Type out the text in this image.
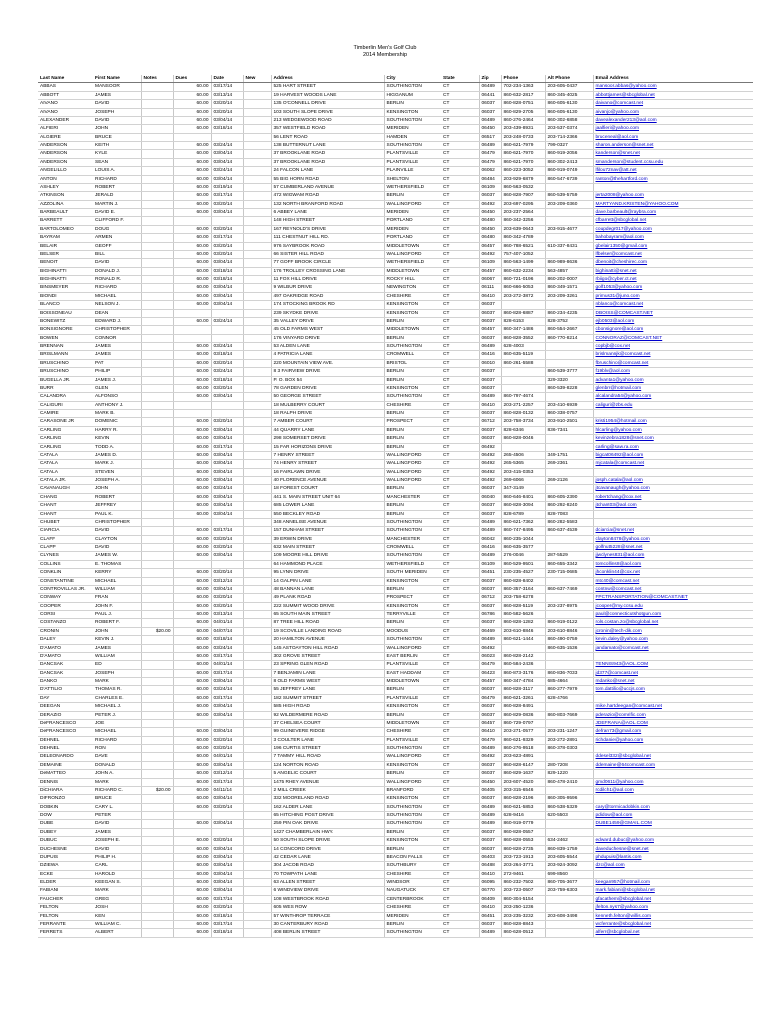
Timberlin Men's Golf Club
2014 Membership
Last Name	First Name	Notes	Dues	Date	New	Address	City	State	Zip	Phone	Alt Phone	Email Address
ABBAS	MANSOOR		60.00	03/17/14		525 HART STREET	SOUTHINGTON	CT	06489	702-234-1363	203-605-0437	mansoor.abbas@yahoo.com
ABBOTT	JAMES		60.00	03/13/14		19 HARVEST WOODS LANE	HIGGANUM	CT	06441	860-632-2817	860-345-4025	abbottjames@sbcglobal.net
AIVANO	DAVID		60.00	03/20/14		135 O'CONNELL DRIVE	BERLIN	CT	06037	860-828-0751	860-605-6130	daivano@comcast.net
AIVANO	JOSEPH		60.00	03/20/14		103 SOUTH SLOPE DRIVE	KENSINGTON	CT	06037	860-829-2705	860-605-6130	aivanjo@yahoo.com
ALEXANDER	DAVID		60.00	03/04/14		213 WEDGEWOOD ROAD	SOUTHINGTON	CT	06489	860-276-2464	860-302-6858	davealexander213@aol.com
ALFIERI	JOHN		60.00	03/18/14		357 WESTFIELD ROAD	MERIDEN	CT	06450	203-439-8931	203-537-0374	jaalfieri@yahoo.com
ALGIERE	BRUCE					56 LENT ROAD	HAMDEN	CT	06517	203-248-0733	203-714-2366	bruceneal@aol.com
ANDERSON	KEITH		60.00	03/24/14		138 BUTTERNUT LANE	SOUTHINGTON	CT	06489	860-621-7979	799-0327	sharon.anderson@snet.net
ANDERSON	KYLE		60.00	03/04/14		37 BROOKLANE ROAD	PLANTSVILLE	CT	06479	860-621-7970	860-919-2056	kanderson@snet.net
ANDERSON	SEAN		60.00	03/04/14		37 BROOKLANE ROAD	PLANTSVILLE	CT	06479	860-621-7970	860-302-2413	smanderson@student.ccsu.edu
ANGELILLO	LOUIS A.		60.00	03/24/14		24 FALCON LANE	PLAINVILLE	CT	06062	860-223-3052	860-919-0749	lfilou72nav@att.net
ANTON	RICHARD		60.00	03/04/14		55 BIG HORN ROAD	SHELTON	CT	06484	203-929-6879	860-547-6739	ranton@thehartford.com
ASHLEY	ROBERT		60.00	03/19/14		57 CUMBERLAND AVENUE	WETHERSFIELD	CT	06109	860-563-0532		
ATKINSON	JERALD		60.00	03/17/14		472 WIGWAM ROAD	BERLIN	CT	06037	860-828-7907	860-539-5759	jerta2008@yahoo.com
AZZOLINA	MARTIN J.		60.00	03/20/14		132 NORTH BRANFORD ROAD	WALLINGFORD	CT	06492	203-697-0295	203-209-0360	MARTYAND.KRISTEN@YAHOO.COM
BARBEAULT	DAVID E.		60.00	03/04/14		6 ABBEY LANE	MERIDEN	CT	06450	203-237-2564		dave.barbeault@raybra.com
BARRETT	CLIFFORD F.					148 HIGH STREET	PORTLAND	CT	06480	860-342-3256		cfbarrett@sbcglobal.net
BARTOLOMEO	DOUG		60.00	03/20/14		167 REYNOLD'S DRIVE	MERIDEN	CT	06450	203-639-0643	203-915-4677	coupdegr017@yahoo.com
BAYRAM	ARMEN		60.00	03/17/14		111 CHESTNUT HILL RD.	PORTLAND	CT	06480	860-342-4789		bahobayram@aol.com
BELAIR	GEOFF		60.00	03/20/14		976 SAYBROOK ROAD	MIDDLETOWN	CT	06457	860-788-6521	610-337-8431	gbelair1350@gmail.com
BELSER	BILL		60.00	03/20/14		66 SISTER HILL ROAD	WALLINGFORD	CT	06492	757-407-1052		lfbelser@comcast.net
BENOIT	DAVID		60.00	03/04/14		77 GOFF BROOK CIRCLE	WETHERSFIELD	CT	06109	860-563-1499	860-989-8636	dbenoit@cheshirec.com
BIGHINATTI	DONALD J.		60.00	03/18/14		176 TROLLEY CROSSING LANE	MIDDLETOWN	CT	06457	860-632-2234	563-4857	bighinatti@snet.net
BIGHINATTI	RONALD R.		60.00	03/18/14		11 FOX HILL DRIVE	ROCKY HILL	CT	06067	860-721-0196	860-202-0007	rbiigo@cyber.ct.net
BINSMEYER	RICHARD		60.00	03/04/14		9 WILBUR DRIVE	NEWINGTON	CT	06111	860-666-5053	860-349-1571	golf1053@yahoo.com
BIONDI	MICHAEL		60.00	03/04/14		497 OAKRIDGE ROAD	CHESHIRE	CT	06410	203-272-3872	203-209-3261	primus31@juno.com
BLANCO	NELSON J.		60.00	03/04/14		174 STOCKING BROOK RD	KENSINGTON	CT	06037			nblanco@comcast.net
BOISSONEAU	DEAN					239 SKYDKE DRIVE	KENSINGTON	CT	06037	860-828-6887	860-234-4235	DBOISS@COMCAST.NET
BONEWITZ	EDWARD J.		60.00	03/24/14		35 VALLEY DRIVE	BERLIN	CT	06037	828-6153	828-3752	ejb0503@aol.com
BONSIGNORE	CHRISTOPHER					45 OLD FARMS WEST	MIDDLETOWN	CT	06457	860-347-1486	860-554-2667	cbonsignore@aol.com
BOWEN	CONNOR					176 VINYARD DRIVE	BERLIN	CT	06037	860-828-3552	860-770-8214	CONNORAZ@COMCAST.NET
BRENNAN	JAMES		60.00	03/24/14		53 ALDEN LANE	SOUTHINGTON	CT	06489	628-4003		copbjb@cox.net
BRISLMANN	JAMES		60.00	03/18/14		4 PATRICIA LANE	CROMWELL	CT	06416	860-635-5119		brislmannjk@comcast.net
BRUSCHINO	PAT		60.00	03/20/14		220 MOUNTAIN VIEW AVE.	BRISTOL	CT	06010	860-261-5588		fbruschino@comcast.net
BRUSCHINO	PHILIP		60.00	03/24/14		8 3 FAIRVIEW DRIVE	BERLIN	CT	06037		860-539-3777	f19blv@aol.com
BUGELLA JR.	JAMES J.		60.00	03/18/14		P. O. BOX 54	BERLIN	CT	06037		329-3320	advanta1@yahoo.com
BURR	GLEN		60.00	03/20/14		78 GARDEN DRIVE	KENSINGTON	CT	06037		860-539-8228	glenbrr@hotmail.com
CALANDRA	ALFONSO		60.00	03/04/14		50 GEORGE STREET	SOUTHINGTON	CT	06489	860-797-4674		alcalandra54@yahoo.com
CALIGURI	ANTHONY J.					18 MULBERRY COURT	CHESHIRE	CT	06410	203-271-2257	203-410-6939	caliguri@zbs.edu
CAMIRE	MARK B.					18 RALPH DRIVE	BERLIN	CT	06037	860-828-0132	860-338-0757	
CARASONE JR	DOMENIC		60.00	03/20/14		7 AMBER COURT	PROSPECT	CT	06712	203-758-3734	203-910-2501	kristi1954@hotmail.com
CARLING	HARRY R.		60.00	03/04/14		44 QUARRY LANE	BERLIN	CT	06037	828-6346	836-7341	hlcarling@yahoo.com
CARLING	KEVIN		60.00	03/04/14		298 SOMERSET DRIVE	BERLIN	CT	06037	860-828-0046		kevinzebra1828@snet.com
CARLING	TODD A.		60.00	03/17/14		15 FAR HORIZONS DRIVE	BERLIN	CT	06492			carling@saw.ra.com
CATALA	JAMES D.		60.00	03/04/14		7 HENRY STREET	WALLINGFORD	CT	06492	265-4506	349-1751	bigcat06492@aol.com
CATALA	MARK J.		60.00	03/04/14		74 HENRY STREET	WALLINGFORD	CT	06492	265-5365	269-2361	mjcatala@comcast.net
CATALA	STEVEN		60.00	03/04/14		16 FAIRLAWN DRIVE	WALLINGFORD	CT	06492	203-415-0353		
CATALA JR.	JOSEPH A.		60.00	03/04/14		40 FLORENCE AVENUE	WALLINGFORD	CT	06492	269-6066	269-2126	josph.catala@aol.com
CAVANAUGH	JOHN		60.00	03/24/14		18 FOREST COURT	BERLIN	CT	06037	347-3149		jtcavanaugh@yahoo.com
CHANG	ROBERT		60.00	03/04/14		441 S. MAIN STREET UNIT 64	MANCHESTER	CT	06040	860-646-8401	860-605-2390	robertchang@cox.net
CHANT	JEFFREY		60.00	03/04/14		685 LOWER LANE	BERLIN	CT	06037	860-828-3094	860-292-8240	jtchant03@aol.com
CHANT	PAUL K.		60.00	03/04/14		550 BECKLEY ROAD	BERLIN	CT	06037	828-6789	828-7083	
CHUBET	CHRISTOPHER					348 ANNELISE AVENUE	SOUTHINGTON	CT	06489	860-621-7362	860-282-5583	
CIARCIA	DAVID		60.00	03/17/14		157 DUNHAM STREET	SOUTHINGTON	CT	06489	860-747-8495	860-637-4539	dciarcia@snet.net
CLAFF	CLAYTON		60.00	03/20/14		39 ERWIN DRIVE	MANCHESTER	CT	06042	860-235-1044		clayton8478@yahoo.com
CLAPP	DAVID		60.00	03/20/14		632 MAIN STREET	CROMWELL	CT	06416	860-635-3577		golfnut5228@snet.net
CLYNES	JAMES W.		60.00	03/04/14		109 MOORE HILL DRIVE	SOUTHINGTON	CT	06489	276-0046	287-5529	jjwclynes831@aol.com
COLLINS	E. THOMAS					64 HAMMOND PLACE	WETHERSFIELD	CT	06109	860-529-9501	860-655-3342	tomcollins8@aol.com
CONKLIN	KERRY		60.00	03/20/14		95 LYNN DRIVE	SOUTH MERIDEN	CT	06451	230-235-4527	230-715-0685	jhconklin44@cox.net
CONSTANTINE	MICHAEL		60.00	03/12/14		14 GALPIN LANE	KENSINGTON	CT	06037	860-828-8402		mtc40@comcast.net
CONTROVILLAS JR.	WILLIAM		60.00	03/04/14		48 BANNAN LANE	BERLIN	CT	06037	860-357-3164	860-637-7469	contnw@comcast.net
CONWAY	FRAN		60.00	03/20/14		49 PLANK ROAD	PROSPECT	CT	06712	203-758-6278		FPCTRANSPORTATION@COMCAST.NET
COOPER	JOHN F.		60.00	03/20/14		222 SUMMIT WOOD DRIVE	KENSINGTON	CT	06037	860-828-5119	203-237-8975	jcooper@my.ccsu.edu
CORSI	PAUL J.		60.00	03/13/14		65 SOUTH MAIN STREET	TERRYVILLE	CT	06786	860-582-5626		paul@connecticutshotgun.com
COSTANZO	ROBERT F.		60.00	04/01/14		87 TREE HILL ROAD	BERLIN	CT	06037	860-828-1282	860-919-0122	rols.costan.zo@sbcglobal.net
CRONIN	JOHN	$20.00	60.00	04/07/14		19 SCOVILLE LANDING ROAD	MOODUS	CT	06469	203-610-8846	203-610-8846	jcronin@tech-dik.com
DALEY	KEVIN J.		60.00	03/18/14		20 HAMILTON AVENUE	SOUTHINGTON	CT	06489	860-621-1444	860-490-0759	kevin.daley@yahoo.com
D'AMATO	JAMES		60.00	03/24/14		145 ASTOAYTON HILL ROAD	WALLINGFORD	CT	06492		860-635-1536	jandamato@comcast.net
D'AMATO	WILLIAM		60.00	03/17/14		302 GROVE STREET	EAST BERLIN	CT	06023	860-828-2142		
DANCSAK	ED		60.00	04/01/14		23 SPRING GLEN ROAD	PLANTSVILLE	CT	06479	860-584-2436		TENNIS943@AOL.COM
DANCSAK	JOSEPH		60.00	03/17/14		7 BENJAMIN LANE	EAST HADDAM	CT	06423	860-873-3176	860-836-7033	jd377@comcast.net
DANKO	MARK		60.00	03/04/14		8 OLD FARMS WEST	MIDDLETOWN	CT	06457	860-347-4784	685-4664	mdanko@snet.net
D'ATTILIO	THOMAS R.		60.00	03/24/14		55 JEFFREY LANE	BERLIN	CT	06037	860-828-3117	860-277-7979	tom.dattilio@uccjs.com
DAY	CHARLES E.		60.00	03/17/14		182 SUMMIT STREET	PLANTSVILLE	CT	06479	860-621-3261	628-4766	
DEEGAN	MICHAEL J.		60.00	03/04/14		585 HIGH ROAD	KENSINGTON	CT	06037	860-828-8491		mike.hartdeegan@comcast.net
DERAZIO	PETER J.		60.00	03/04/14		92 WILDERMERE ROAD	BERLIN	CT	06037	860-829-0836	860-803-7669	pderazio@comrific.com
DeFRANCESCO	JOE					37 CHELSEA COURT	MIDDLETOWN	CT	06457	860-729-0797		JDEFRANA@AOL.COM
DeFRANCESCO	MICHAEL		60.00	03/04/14		99 GUINEVERE RIDGE	CHESHIRE	CT	06410	203-271-0577	203-231-1247	defran73@gmail.com
DEHNEL	RICHARD		60.00	03/20/14		3 COULTER LANE	PLANTSVILLE	CT	06479	860-621-9329	203-272-2891	richdanie@yahoo.com
DEHNEL	RON		60.00	03/20/14		196 CURTIS STREET	SOUTHINGTON	CT	06489	860-276-9518	860-378-0303	
DELEONARDO	DAVE		60.00	04/01/14		7 TAMMY HILL ROAD	WALLINGFORD	CT	06492	203-623-4891		ddesel332@sbcglobal.net
DEMAINE	DONALD		60.00	03/04/14		124 NORTON ROAD	KENSINGTON	CT	06037	860-828-6147	280-7208	ddemaine@64comcast.com
DeMATTEO	JOHN A.		60.00	03/12/14		5 ANGELIC COURT	BERLIN	CT	06037	860-829-1637	829-1220	
DENNIS	MARK		60.00	03/17/14		1475 RHEY AVENUE	WALLINGFORD	CT	06450	203-607-4520	860-478-2410	gmd0611@yahoo.com
DiCHIARA	RICHARD C.	$20.00	60.00	04/11/14		2 MILL CREEK	BRANFORD	CT	06405	203-315-6546		rcdilch1@aol.com
DIFRONZO	BRUCE		60.00	03/04/14		332 MOORELAND ROAD	KENSINGTON	CT	06037	860-828-2196	860-305-9596	
DOBKIN	CARY L.		60.00	03/20/14		162 ALDER LANE	SOUTHINGTON	CT	06489	860-621-5853	860-538-5329	cary@tormicadobkin.com
DOW	PETER					65 HITCHING POST DRIVE	SOUTHINGTON	CT	06489	628-9416	620-5503	pdidow@aol.com
DUBE	DAVID		60.00	03/04/14		259 PIN OAK DRIVE	SOUTHINGTON	CT	06489	860-919-0779		DUBE1459@GMAIL.COM
DUBEY	JAMES					1427 CHAMBERLAIN HWY.	BERLIN	CT	06037	860-828-0557		
DUBUC	JOSEPH E.		60.00	03/20/14		50 SOUTH SLOPE DRIVE	KENSINGTON	CT	06037	860-828-0553	634-2462	edward.dubuc@yahoo.com
DUCHESNE	DAVID		60.00	03/04/14		14 CONCORD DRIVE	BERLIN	CT	06037	860-828-2735	860-839-1759	daveduchesne@snet.net
DUPUIS	PHILIP H.		60.00	03/04/14		42 CEDAR LANE	BEACON FALLS	CT	06403	203-723-1913	203-605-5544	phdupuis@lantis.com
DZIEWA	CARL		60.00	03/04/14		304 JACOB ROAD	SOUTHBURY	CT	06488	203-264-3771	203-924-3092	dzc@aol.com
ECKE	HAROLD		60.00	03/04/14		70 TOWPATH LANE	CHESHIRE	CT	06410	272-9461	699-8560	
ELDER	KEEGAN S.		60.00	03/04/14		63 ALLEN STREET	WINDSOR	CT	06095	860-232-7502	860-705-3677	keegan957@hotmail.com
FABIANI	MARK		60.00	03/04/14		6 WINDVIEW DRIVE	NAUGATUCK	CT	06770	203-723-0507	203-759-6303	mark.fabiani@sbcglobal.net
FAUCHER	GREG		60.00	03/17/14		108 WESTBROOK ROAD	CENTERBROOK	CT	06409	860-304-5154		gfacathem@sbcglobal.net
FELTON	JOSH		60.00	03/20/14		605 WES ROW	CHESHIRE	CT	06410	203-250-1236		jfelton.nys7@yahoo.com
FELTON	KEN		60.00	03/18/14		57 WINTHROP TERRACE	MERIDEN	CT	06451	203-235-3232	203-608-3498	kenneth.felton@willis.com
FERRANTE	WILLIAM C.		60.00	03/17/14		30 CANTERBURY ROAD	BERLIN	CT	06037	860-828-8843		wcferrante@sbcglobal.net
FERRETS	ALBERT		60.00	03/18/14		408 BERLIN STREET	SOUTHINGTON	CT	06489	860-628-0512		alferr@sbcglobal.net
